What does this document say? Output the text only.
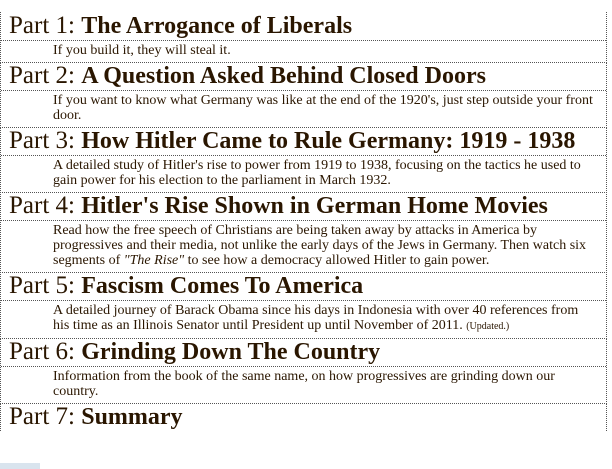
Part 1: The Arrogance of Liberals
If you build it, they will steal it.
Part 2: A Question Asked Behind Closed Doors
If you want to know what Germany was like at the end of the 1920's, just step outside your front door.
Part 3: How Hitler Came to Rule Germany: 1919 - 1938
A detailed study of Hitler's rise to power from 1919 to 1938, focusing on the tactics he used to gain power for his election to the parliament in March 1932.
Part 4: Hitler's Rise Shown in German Home Movies
Read how the free speech of Christians are being taken away by attacks in America by progressives and their media, not unlike the early days of the Jews in Germany. Then watch six segments of "The Rise" to see how a democracy allowed Hitler to gain power.
Part 5: Fascism Comes To America
A detailed journey of Barack Obama since his days in Indonesia with over 40 references from his time as an Illinois Senator until President up until November of 2011. (Updated.)
Part 6: Grinding Down The Country
Information from the book of the same name, on how progressives are grinding down our country.
Part 7: Summary
